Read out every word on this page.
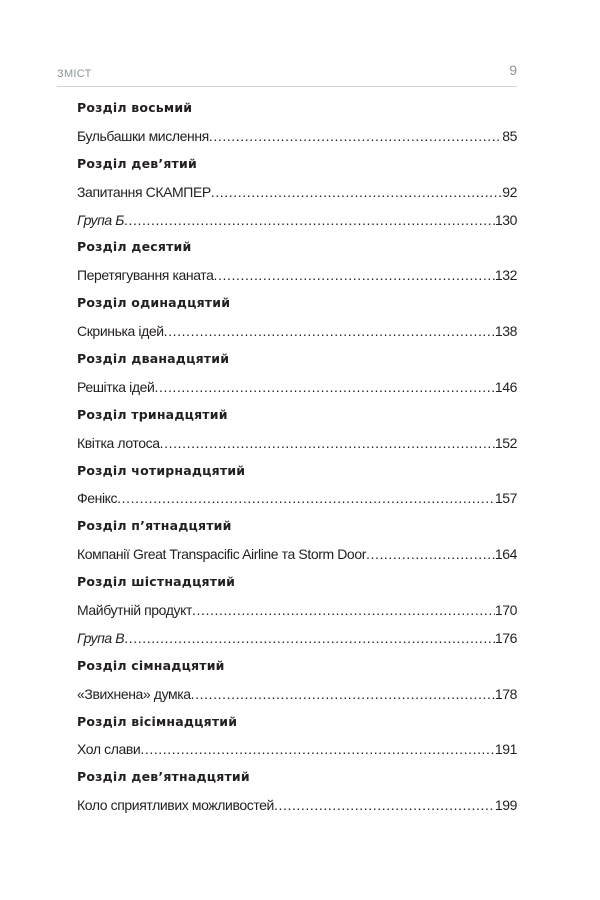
ЗМІСТ	9
Розділ восьмий
Бульбашки мислення .....	85
Розділ дев’ятий
Запитання СКАМПЕР .....	92
Група Б .....	130
Розділ десятий
Перетягування каната .....	132
Розділ одинадцятий
Скринька ідей .....	138
Розділ дванадцятий
Решітка ідей .....	146
Розділ тринадцятий
Квітка лотоса .....	152
Розділ чотирнадцятий
Фенікс .....	157
Розділ п’ятнадцятий
Компанії Great Transpacific Airline та Storm Door .....	164
Розділ шістнадцятий
Майбутній продукт .....	170
Група В .....	176
Розділ сімнадцятий
«Звихнена» думка .....	178
Розділ вісімнадцятий
Хол слави .....	191
Розділ дев’ятнадцятий
Коло сприятливих можливостей .....	199
